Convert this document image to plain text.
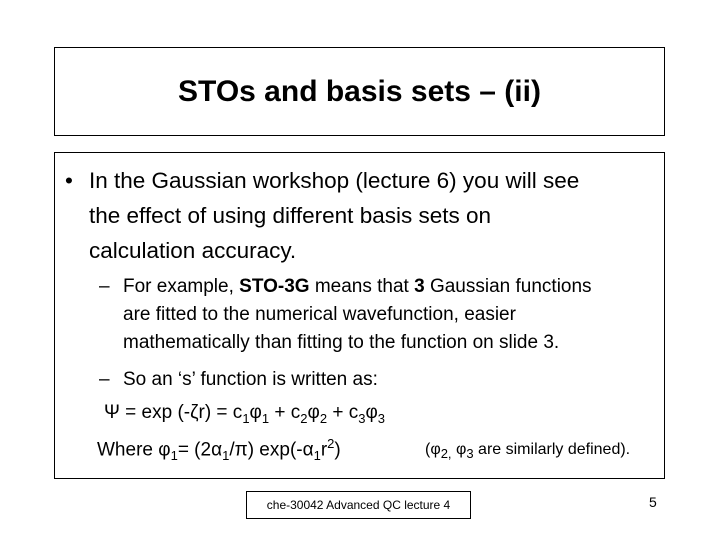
STOs and basis sets – (ii)
• In the Gaussian workshop (lecture 6) you will see
the effect of using different basis sets on
calculation accuracy.
– For example, STO-3G means that 3 Gaussian functions
are fitted to the numerical wavefunction, easier
mathematically than fitting to the function on slide 3.
– So an ‘s’ function is written as:
$\Psi = \exp (-\zeta r) = c_1\varphi_1 + c_2\varphi_2 + c_3\varphi_3$
Where $\varphi_1= (2\alpha_1/\pi)$ $\exp(-\alpha_1r^2)$	($\varphi_{2,}$ $\varphi_3$ are similarly defined).
che-30042 Advanced QC lecture 4	5
